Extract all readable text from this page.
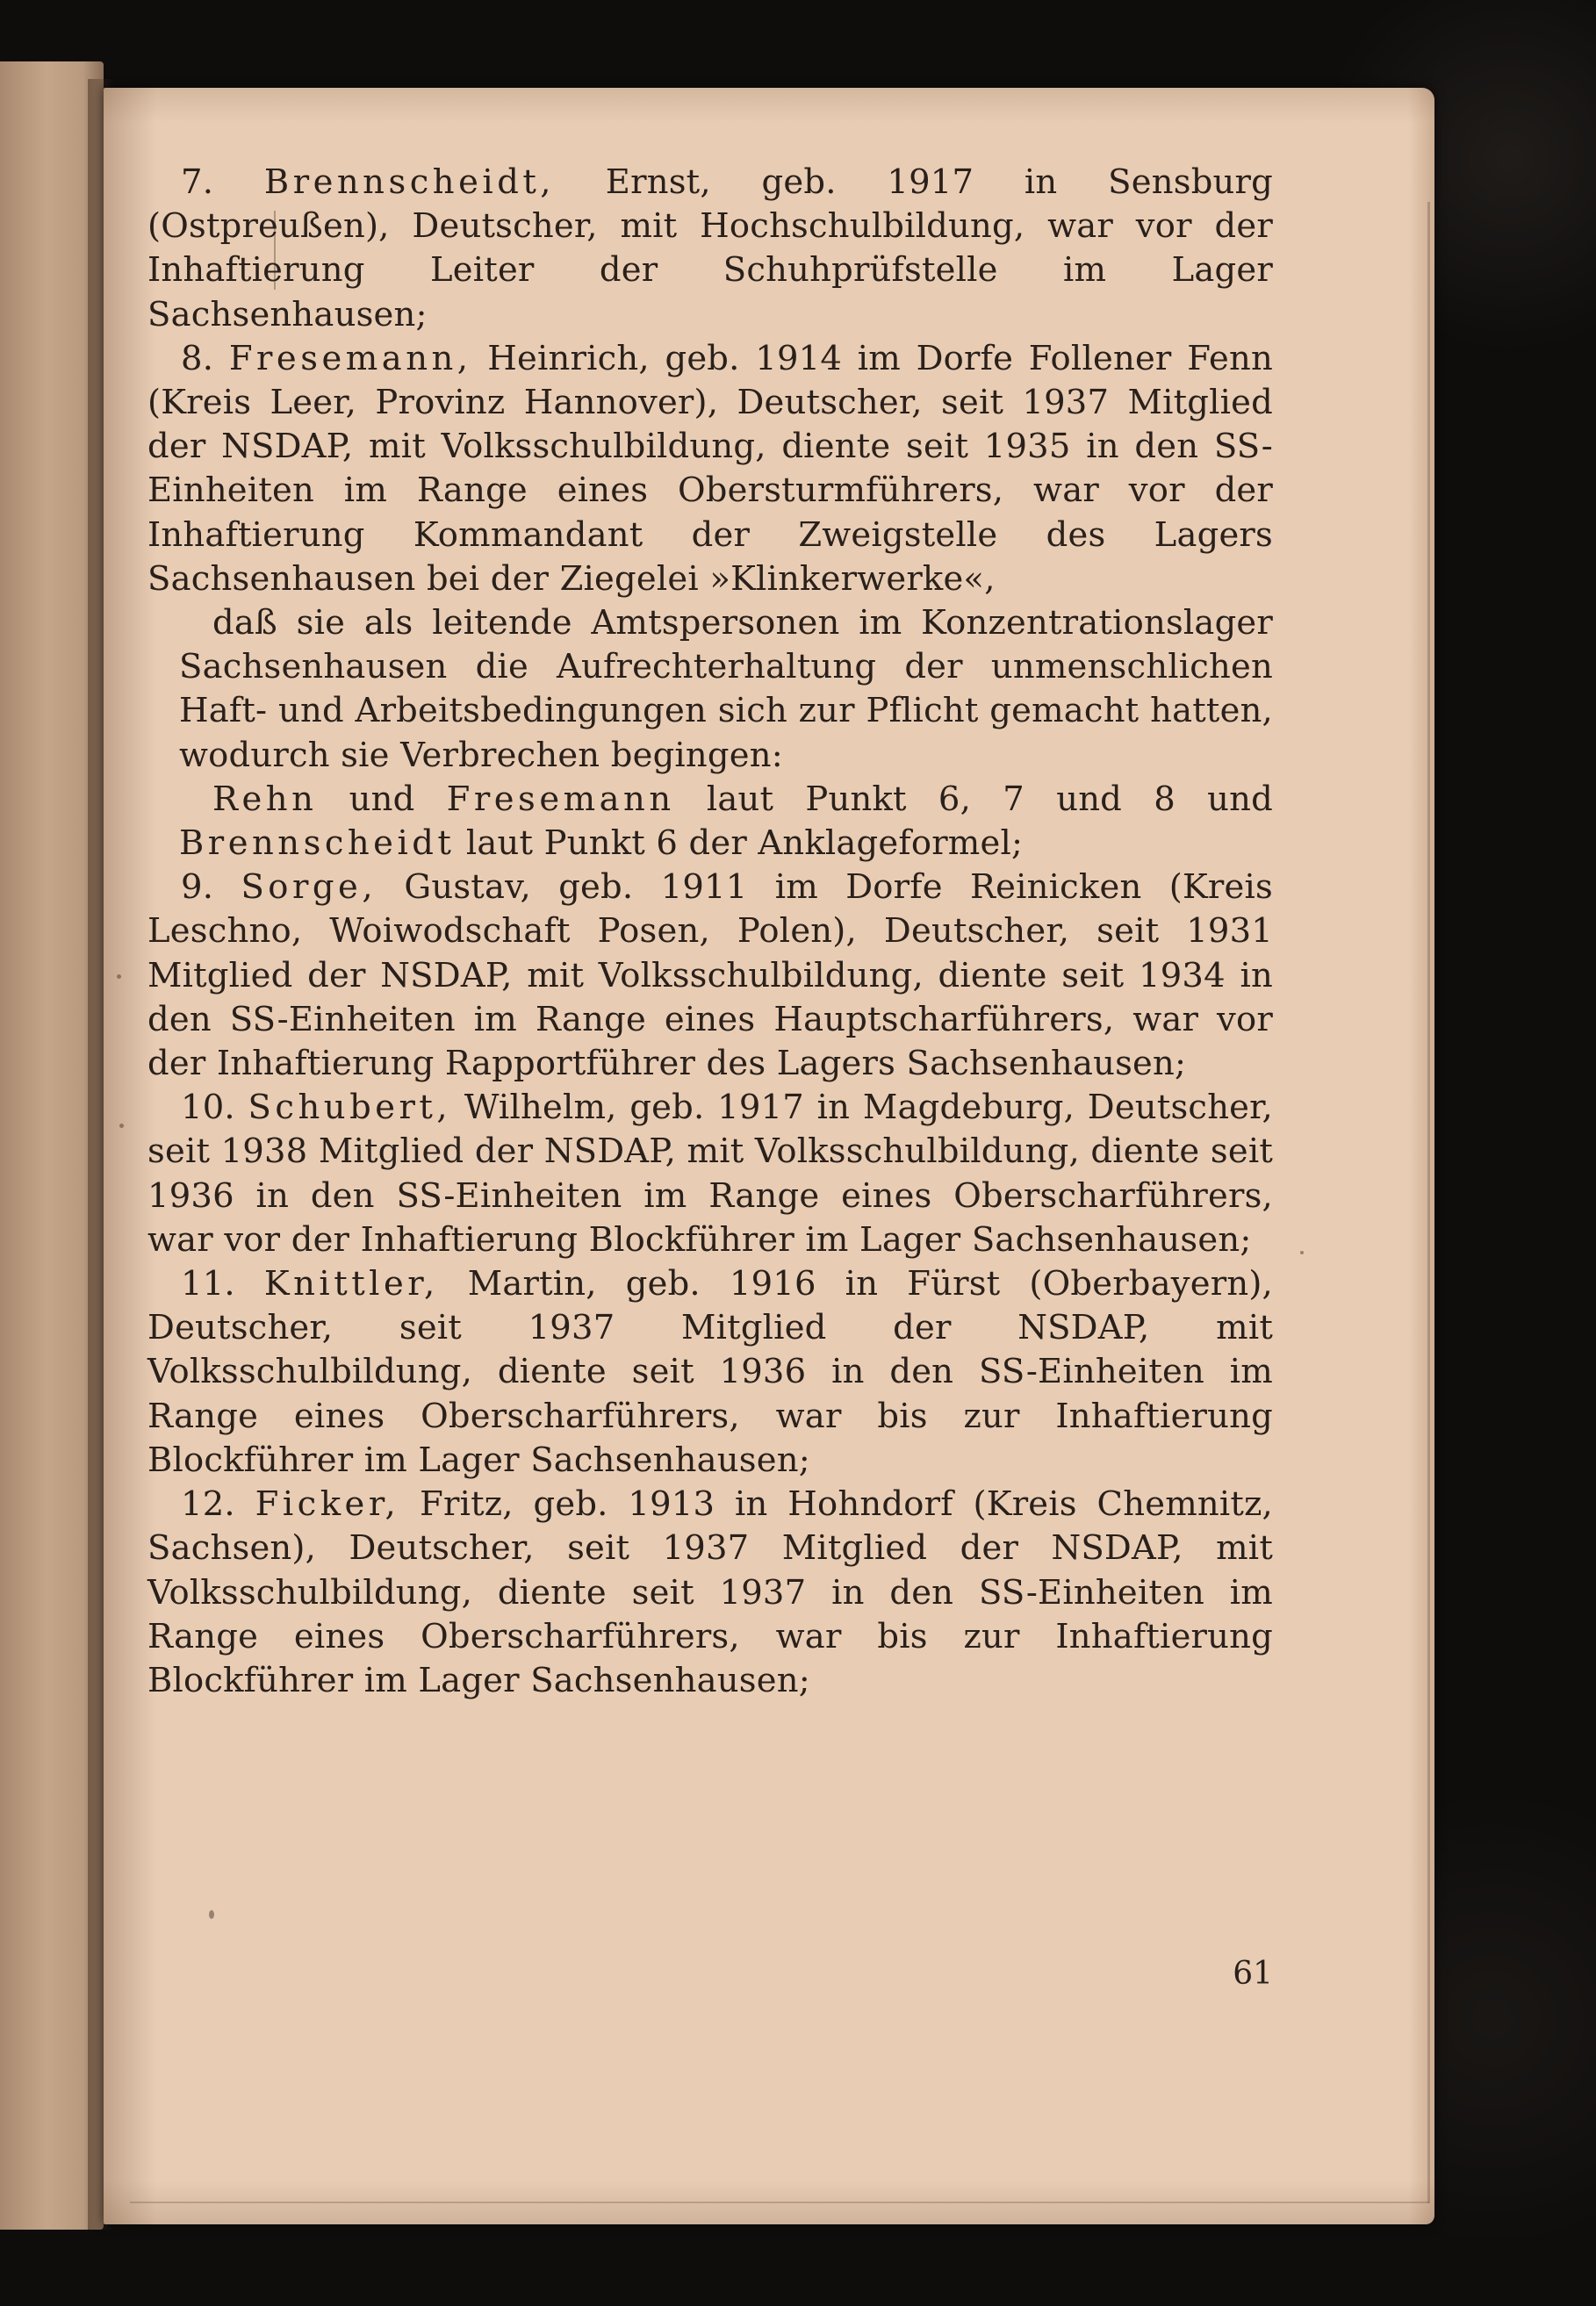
7. Brennscheidt, Ernst, geb. 1917 in Sensburg (Ostpreußen), Deutscher, mit Hochschulbildung, war vor der Inhaftierung Leiter der Schuhprüfstelle im Lager Sachsenhausen;

8. Fresemann, Heinrich, geb. 1914 im Dorfe Follener Fenn (Kreis Leer, Provinz Hannover), Deutscher, seit 1937 Mitglied der NSDAP, mit Volksschulbildung, diente seit 1935 in den SS-Einheiten im Range eines Obersturmführers, war vor der Inhaftierung Kommandant der Zweigstelle des Lagers Sachsenhausen bei der Ziegelei »Klinkerwerke«,

daß sie als leitende Amtspersonen im Konzentrationslager Sachsenhausen die Aufrechterhaltung der unmenschlichen Haft- und Arbeitsbedingungen sich zur Pflicht gemacht hatten, wodurch sie Verbrechen begingen:

Rehn und Fresemann laut Punkt 6, 7 und 8 und Brennscheidt laut Punkt 6 der Anklageformel;

9. Sorge, Gustav, geb. 1911 im Dorfe Reinicken (Kreis Leschno, Woiwodschaft Posen, Polen), Deutscher, seit 1931 Mitglied der NSDAP, mit Volksschulbildung, diente seit 1934 in den SS-Einheiten im Range eines Hauptscharführers, war vor der Inhaftierung Rapportführer des Lagers Sachsenhausen;

10. Schubert, Wilhelm, geb. 1917 in Magdeburg, Deutscher, seit 1938 Mitglied der NSDAP, mit Volksschulbildung, diente seit 1936 in den SS-Einheiten im Range eines Oberscharführers, war vor der Inhaftierung Blockführer im Lager Sachsenhausen;

11. Knittler, Martin, geb. 1916 in Fürst (Oberbayern), Deutscher, seit 1937 Mitglied der NSDAP, mit Volksschulbildung, diente seit 1936 in den SS-Einheiten im Range eines Oberscharführers, war bis zur Inhaftierung Blockführer im Lager Sachsenhausen;

12. Ficker, Fritz, geb. 1913 in Hohndorf (Kreis Chemnitz, Sachsen), Deutscher, seit 1937 Mitglied der NSDAP, mit Volksschulbildung, diente seit 1937 in den SS-Einheiten im Range eines Oberscharführers, war bis zur Inhaftierung Blockführer im Lager Sachsenhausen;

61
